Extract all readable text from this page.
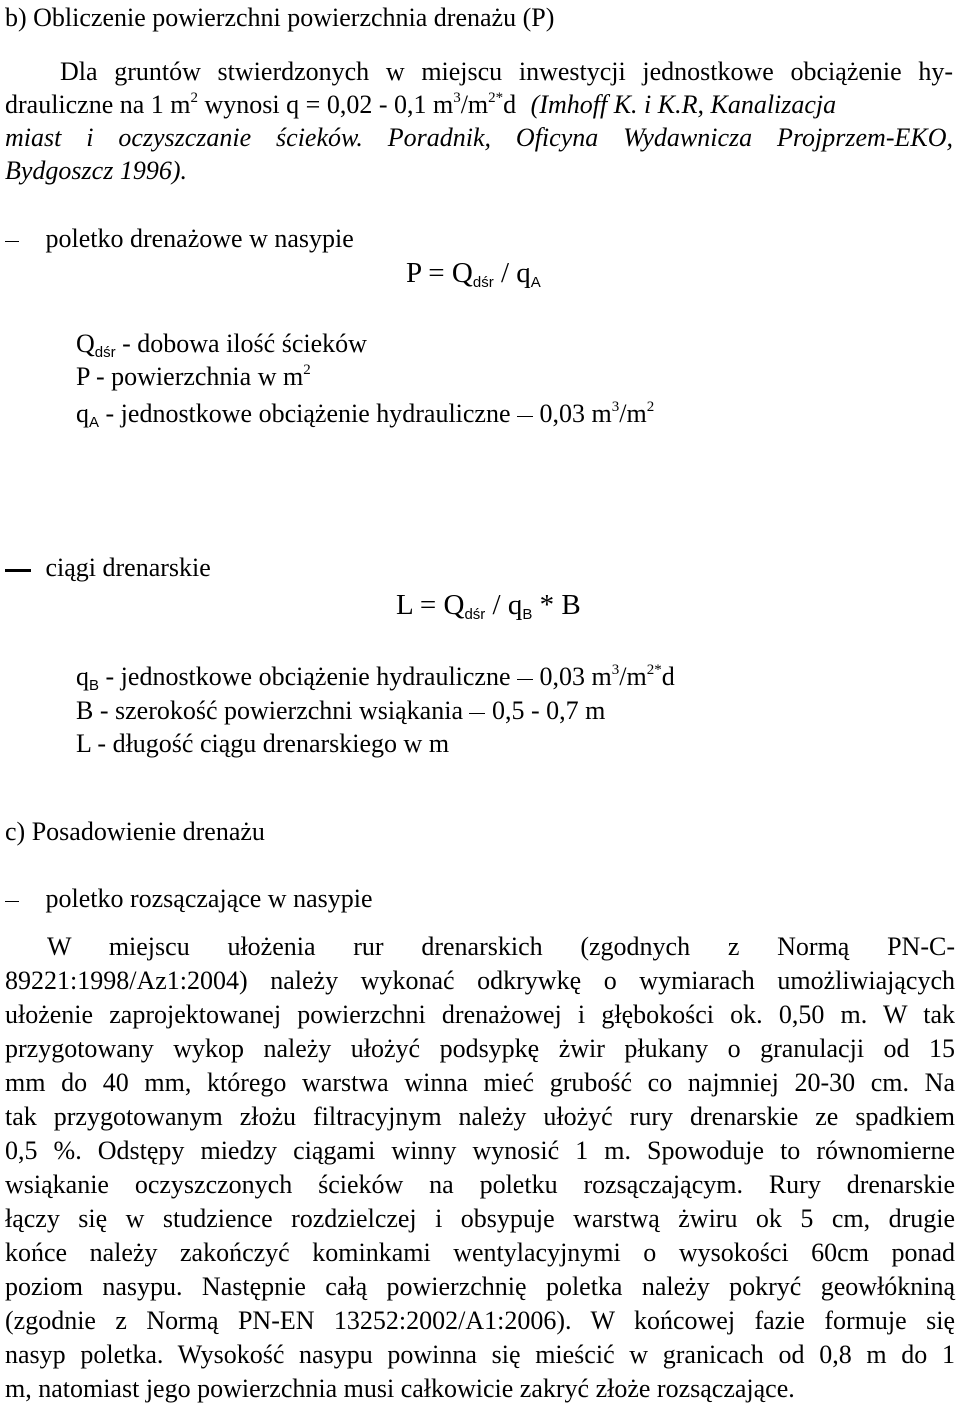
b) Obliczenie powierzchni powierzchnia drenażu (P)
Dla gruntów stwierdzonych w miejscu inwestycji jednostkowe obciążenie hy-
drauliczne na 1 $m^2$ wynosi q = 0,02 - 0,1 $m^3/m^{2*}d$ (Imhoff K. i K.R, Kanalizacja
miast i oczyszczanie ścieków. Poradnik, Oficyna Wydawnicza Projprzem-EKO,
Bydgoszcz 1996).
poletko drenażowe w nasypie
$P = Q_{dśr} / q_A$
$Q_{dśr}$ - dobowa ilość ścieków
P - powierzchnia w $m^2$
$q_A$ - jednostkowe obciążenie hydrauliczne  0,03 $m^3/m^2$
ciągi drenarskie
$L = Q_{dśr} / q_B * B$
$q_B$ - jednostkowe obciążenie hydrauliczne  0,03 $m^3/m^{2*}d$
B - szerokość powierzchni wsiąkania  0,5 - 0,7 m
L - długość ciągu drenarskiego w m
c) Posadowienie drenażu
poletko rozsączające w nasypie
W miejscu ułożenia rur drenarskich (zgodnych z Normą PN-C-
89221:1998/Az1:2004) należy wykonać odkrywkę o wymiarach umożliwiających
ułożenie zaprojektowanej powierzchni drenażowej i głębokości ok. 0,50 m. W tak
przygotowany wykop należy ułożyć podsypkę żwir płukany o granulacji od 15
mm do 40 mm, którego warstwa winna mieć grubość co najmniej 20-30 cm. Na
tak przygotowanym złożu filtracyjnym należy ułożyć rury drenarskie ze spadkiem
0,5 %. Odstępy miedzy ciągami winny wynosić 1 m. Spowoduje to równomierne
wsiąkanie oczyszczonych ścieków na poletku rozsączającym. Rury drenarskie
łączy się w studzience rozdzielczej i obsypuje warstwą żwiru ok 5 cm, drugie
końce należy zakończyć kominkami wentylacyjnymi o wysokości 60cm ponad
poziom nasypu. Następnie całą powierzchnię poletka należy pokryć geowłókniną
(zgodnie z Normą PN-EN 13252:2002/A1:2006). W końcowej fazie formuje się
nasyp poletka. Wysokość nasypu powinna się mieścić w granicach od 0,8 m do 1
m, natomiast jego powierzchnia musi całkowicie zakryć złoże rozsączające.
